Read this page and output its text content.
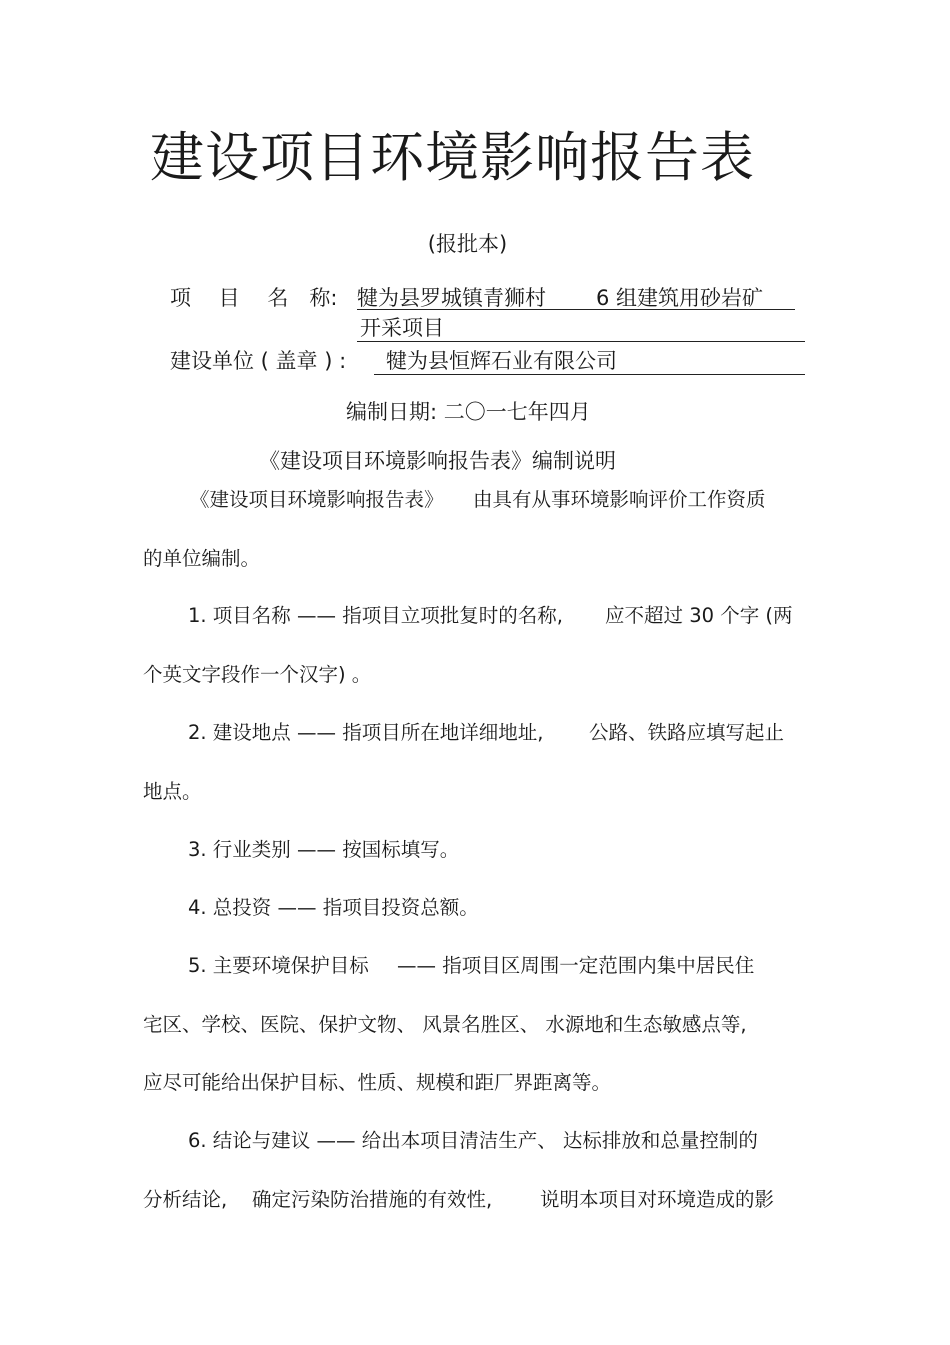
建设项目环境影响报告表
(报批本)
项　 目　 名　称: 犍为县罗城镇青狮村 6 组建筑用砂岩矿
开采项目
建设单位 ( 盖章 ) : 犍为县恒辉石业有限公司
编制日期: 二〇一七年四月
《建设项目环境影响报告表》编制说明
《建设项目环境影响报告表》 由具有从事环境影响评价工作资质
的单位编制。
1. 项目名称 —— 指项目立项批复时的名称, 应不超过 30 个字 (两
个英文字段作一个汉字) 。
2. 建设地点 —— 指项目所在地详细地址, 公路、铁路应填写起止
地点。
3. 行业类别 —— 按国标填写。
4. 总投资 —— 指项目投资总额。
5. 主要环境保护目标 —— 指项目区周围一定范围内集中居民住
宅区、学校、医院、保护文物、 风景名胜区、 水源地和生态敏感点等,
应尽可能给出保护目标、性质、规模和距厂界距离等。
6. 结论与建议 —— 给出本项目清洁生产、 达标排放和总量控制的
分析结论, 确定污染防治措施的有效性, 说明本项目对环境造成的影
